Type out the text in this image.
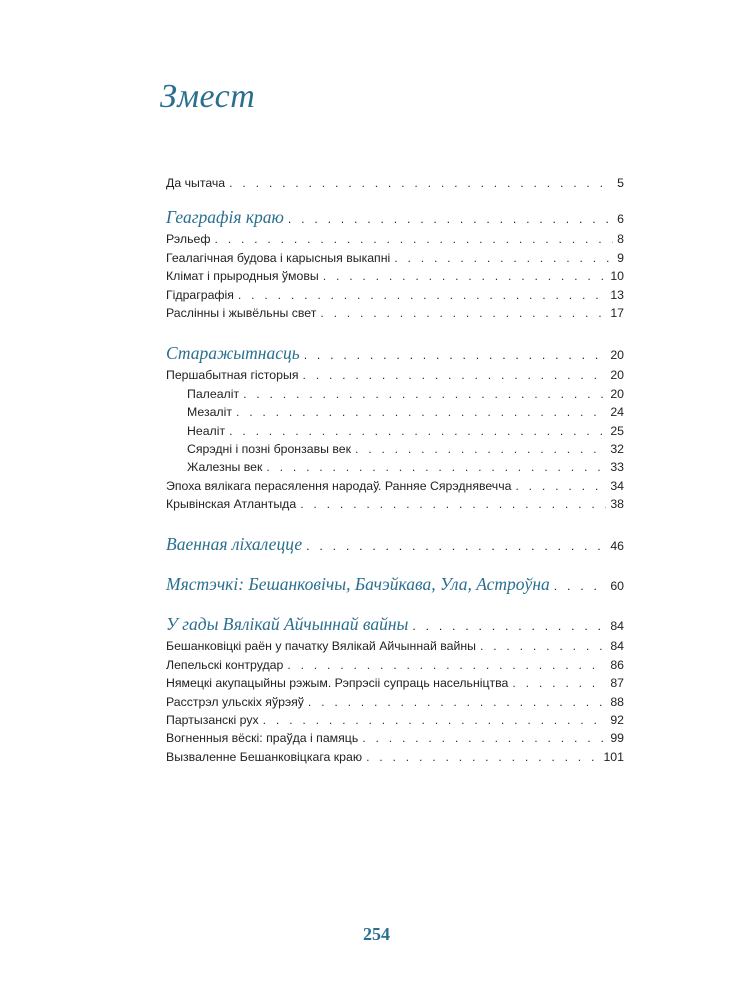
Змест
Да чытача . . .	5
Геаграфія краю . . .	6
Рэльеф . . .	8
Геалагічная будова і карысныя выкапні . . .	9
Клімат і прыродныя ўмовы . . .	10
Гідраграфія . . .	13
Раслінны і жывёльны свет . . .	17
Старажытнасць . . .	20
Першабытная гісторыя . . .	20
Палеаліт . . .	20
Мезаліт . . .	24
Неаліт . . .	25
Сярэдні і позні бронзавы век . . .	32
Жалезны век . . .	33
Эпоха вялікага перасялення народаў. Ранняе Сярэднявечча . . .	34
Крывінская Атлантыда . . .	38
Ваенная ліхалецце . . .	46
Мястэчкі: Бешанковічы, Бачэйкава, Ула, Астроўна . . .	60
У гады Вялікай Айчыннай вайны . . .	84
Бешанковіцкі раён у пачатку Вялікай Айчыннай вайны . . .	84
Лепельскі контрудар . . .	86
Нямецкі акупацыйны рэжым. Рэпрэсіі супраць насельніцтва . . .	87
Расстрэл ульскіх яўрэяў . . .	88
Партызанскі рух . . .	92
Вогненныя вёскі: праўда і памяць . . .	99
Вызваленне Бешанковіцкага краю . . .	101
254
